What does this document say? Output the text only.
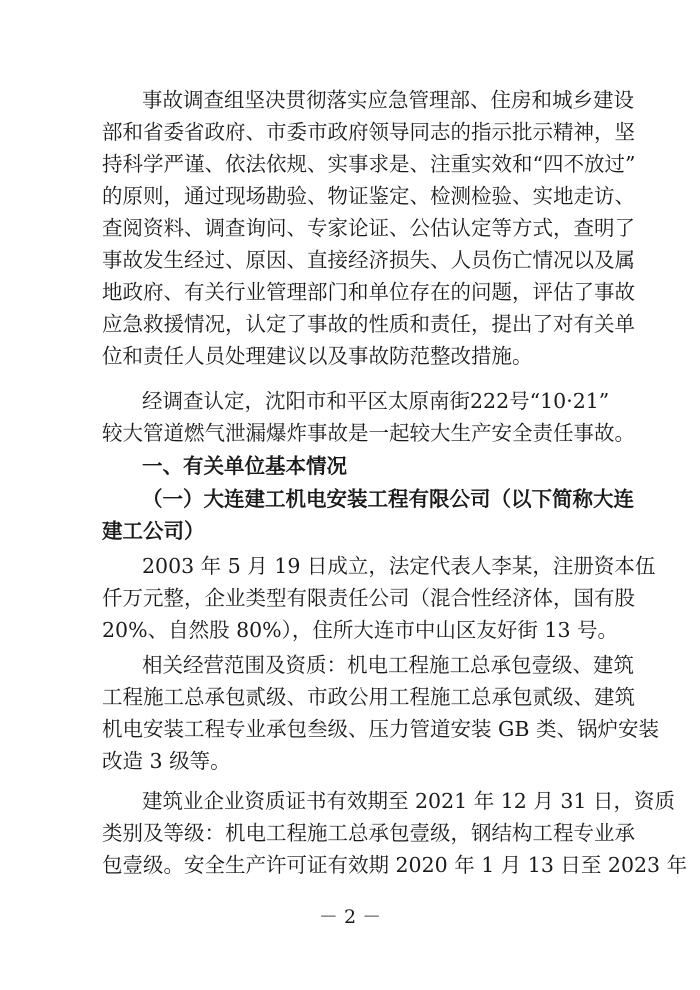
事故调查组坚决贯彻落实应急管理部、住房和城乡建设
部和省委省政府、市委市政府领导同志的指示批示精神，坚
持科学严谨、依法依规、实事求是、注重实效和“四不放过”
的原则，通过现场勘验、物证鉴定、检测检验、实地走访、
查阅资料、调查询问、专家论证、公估认定等方式，查明了
事故发生经过、原因、直接经济损失、人员伤亡情况以及属
地政府、有关行业管理部门和单位存在的问题，评估了事故
应急救援情况，认定了事故的性质和责任，提出了对有关单
位和责任人员处理建议以及事故防范整改措施。
经调查认定，沈阳市和平区太原南街222号“10·21”
较大管道燃气泄漏爆炸事故是一起较大生产安全责任事故。
一、有关单位基本情况
（一）大连建工机电安装工程有限公司（以下简称大连
建工公司）
2003 年 5 月 19 日成立，法定代表人李某，注册资本伍
仟万元整，企业类型有限责任公司（混合性经济体，国有股
20%、自然股 80%），住所大连市中山区友好街 13 号。
相关经营范围及资质：机电工程施工总承包壹级、建筑
工程施工总承包贰级、市政公用工程施工总承包贰级、建筑
机电安装工程专业承包叁级、压力管道安装 GB 类、锅炉安装
改造 3 级等。
建筑业企业资质证书有效期至 2021 年 12 月 31 日，资质
类别及等级：机电工程施工总承包壹级，钢结构工程专业承
包壹级。安全生产许可证有效期 2020 年 1 月 13 日至 2023 年
－ 2 －
